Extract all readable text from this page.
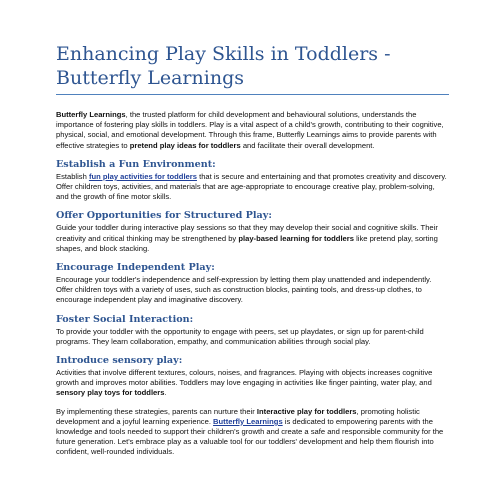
Enhancing Play Skills in Toddlers -
Butterfly Learnings

Butterfly Learnings, the trusted platform for child development and behavioural solutions, understands the importance of fostering play skills in toddlers. Play is a vital aspect of a child's growth, contributing to their cognitive, physical, social, and emotional development. Through this frame, Butterfly Learnings aims to provide parents with effective strategies to pretend play ideas for toddlers and facilitate their overall development.

Establish a Fun Environment:

Establish fun play activities for toddlers that is secure and entertaining and that promotes creativity and discovery. Offer children toys, activities, and materials that are age-appropriate to encourage creative play, problem-solving, and the growth of fine motor skills.

Offer Opportunities for Structured Play:

Guide your toddler during interactive play sessions so that they may develop their social and cognitive skills. Their creativity and critical thinking may be strengthened by play-based learning for toddlers like pretend play, sorting shapes, and block stacking.

Encourage Independent Play:

Encourage your toddler's independence and self-expression by letting them play unattended and independently. Offer children toys with a variety of uses, such as construction blocks, painting tools, and dress-up clothes, to encourage independent play and imaginative discovery.

Foster Social Interaction:

To provide your toddler with the opportunity to engage with peers, set up playdates, or sign up for parent-child programs. They learn collaboration, empathy, and communication abilities through social play.

Introduce sensory play:

Activities that involve different textures, colours, noises, and fragrances. Playing with objects increases cognitive growth and improves motor abilities. Toddlers may love engaging in activities like finger painting, water play, and sensory play toys for toddlers.

By implementing these strategies, parents can nurture their Interactive play for toddlers, promoting holistic development and a joyful learning experience. Butterfly Learnings is dedicated to empowering parents with the knowledge and tools needed to support their children's growth and create a safe and responsible community for the future generation. Let's embrace play as a valuable tool for our toddlers' development and help them flourish into confident, well-rounded individuals.
